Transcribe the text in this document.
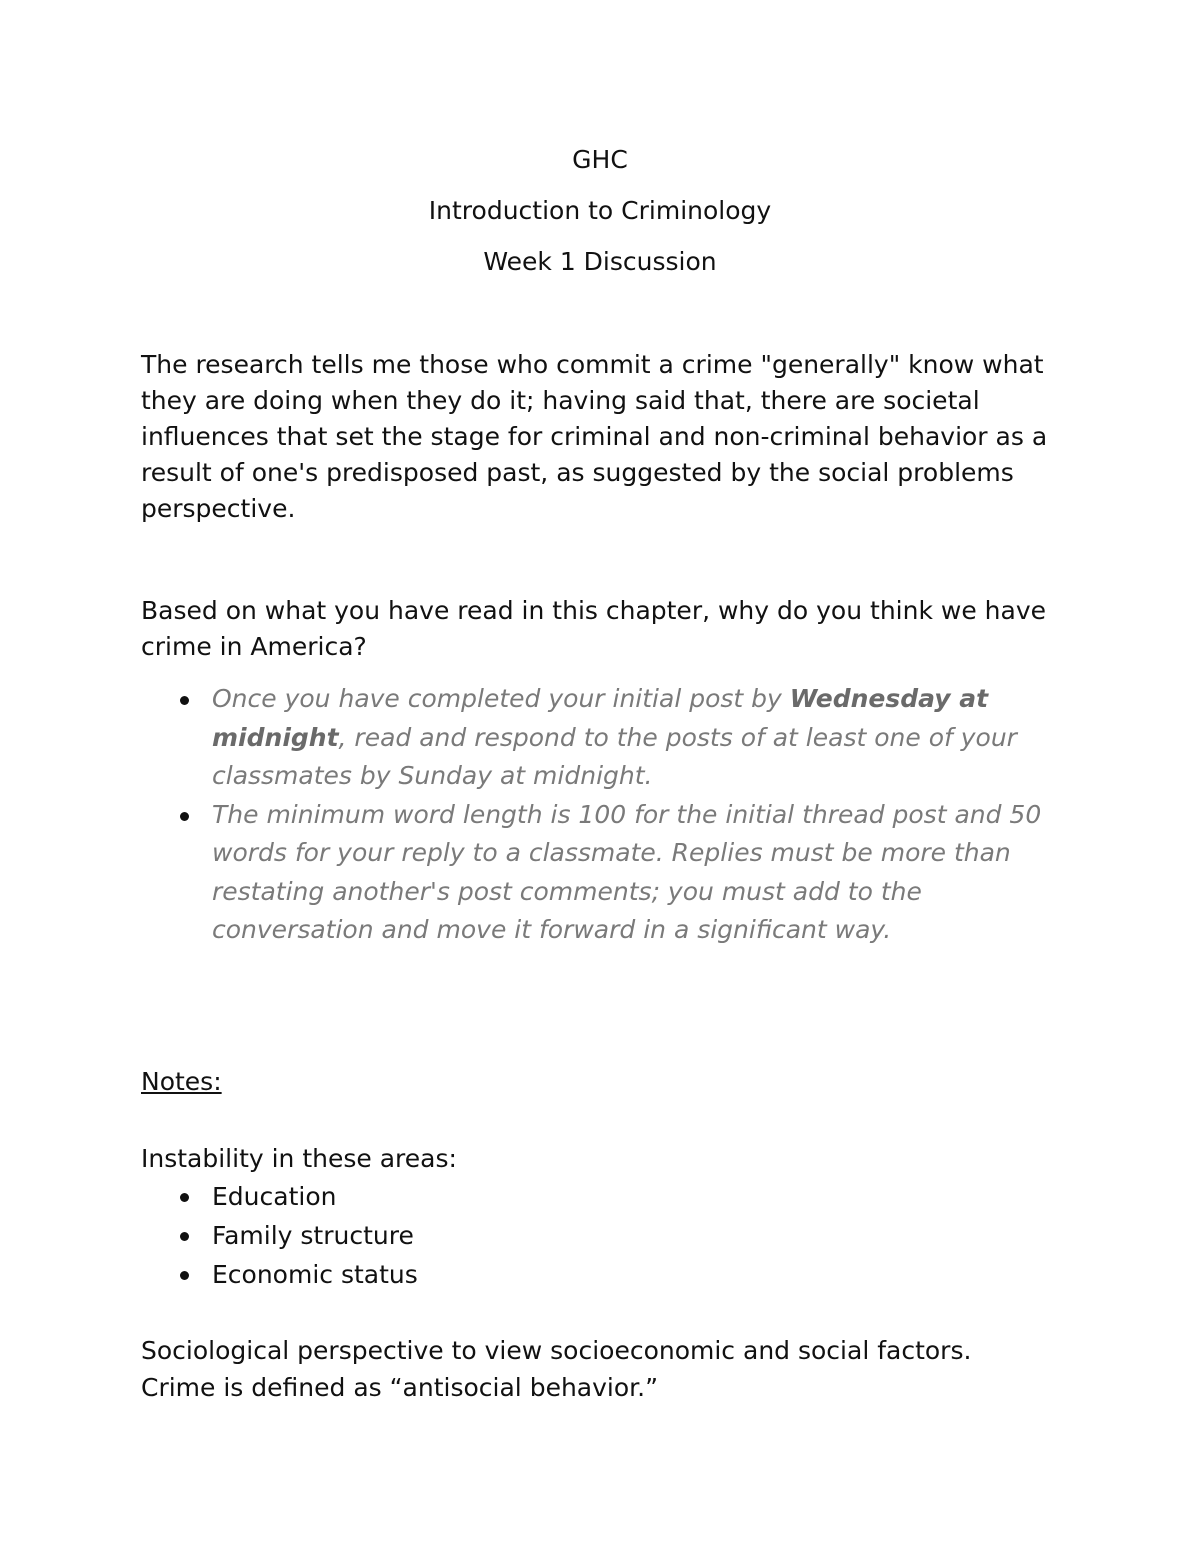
GHC
Introduction to Criminology
Week 1 Discussion
The research tells me those who commit a crime "generally" know what they are doing when they do it; having said that, there are societal influences that set the stage for criminal and non-criminal behavior as a result of one's predisposed past, as suggested by the social problems perspective.
Based on what you have read in this chapter, why do you think we have crime in America?
Once you have completed your initial post by Wednesday at midnight, read and respond to the posts of at least one of your classmates by Sunday at midnight.
The minimum word length is 100 for the initial thread post and 50 words for your reply to a classmate. Replies must be more than restating another's post comments; you must add to the conversation and move it forward in a significant way.
Notes:
Instability in these areas:
Education
Family structure
Economic status
Sociological perspective to view socioeconomic and social factors.
Crime is defined as “antisocial behavior.”
